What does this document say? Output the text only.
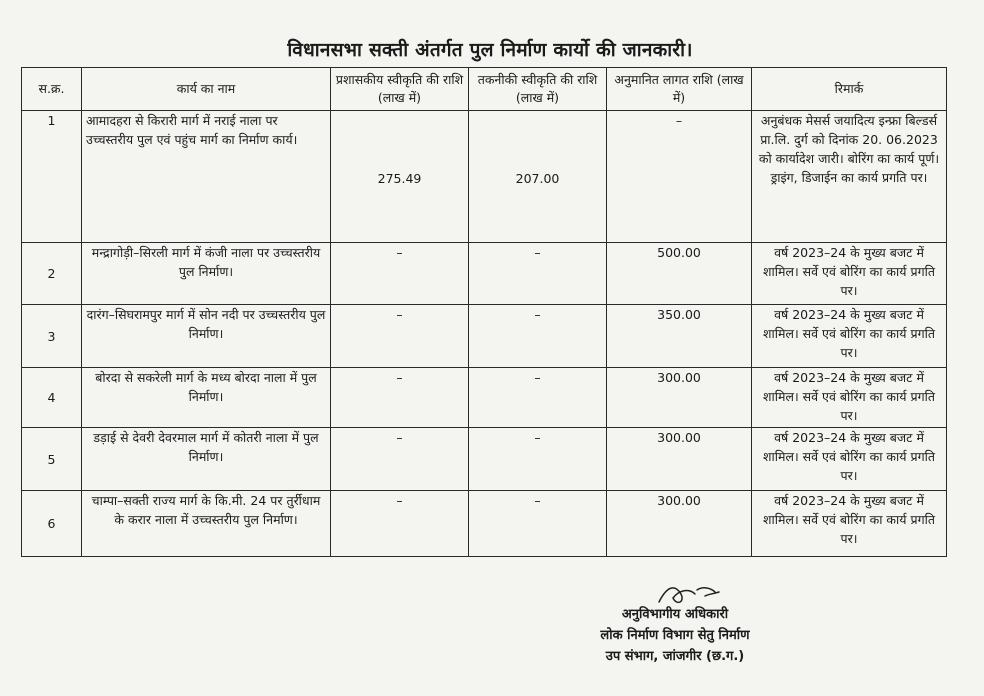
विधानसभा सक्ती अंतर्गत पुल निर्माण कार्यो की जानकारी।
स.क्र.	कार्य का नाम	प्रशासकीय स्वीकृति की राशि (लाख में)	तकनीकी स्वीकृति की राशि (लाख में)	अनुमानित लागत राशि (लाख में)	रिमार्क
1	आमादहरा से किरारी मार्ग में नराई नाला पर उच्चस्तरीय पुल एवं पहुंच मार्ग का निर्माण कार्य।	275.49	207.00	–	अनुबंधक मेसर्स जयादित्य इन्फ्रा बिल्डर्स प्रा.लि. दुर्ग को दिनांक 20. 06.2023 को कार्यादेश जारी। बोरिंग का कार्य पूर्ण। ड्राइंग, डिजाईन का कार्य प्रगति पर।
2	मन्द्रागोड़ी–सिरली मार्ग में कंजी नाला पर उच्चस्तरीय पुल निर्माण।	–	–	500.00	वर्ष 2023–24 के मुख्य बजट में शामिल। सर्वे एवं बोरिंग का कार्य प्रगति पर।
3	दारंग–सिघरामपुर मार्ग में सोन नदी पर उच्चस्तरीय पुल निर्माण।	–	–	350.00	वर्ष 2023–24 के मुख्य बजट में शामिल। सर्वे एवं बोरिंग का कार्य प्रगति पर।
4	बोरदा से सकरेली मार्ग के मध्य बोरदा नाला में पुल निर्माण।	–	–	300.00	वर्ष 2023–24 के मुख्य बजट में शामिल। सर्वे एवं बोरिंग का कार्य प्रगति पर।
5	डड़ाई से देवरी देवरमाल मार्ग में कोतरी नाला में पुल निर्माण।	–	–	300.00	वर्ष 2023–24 के मुख्य बजट में शामिल। सर्वे एवं बोरिंग का कार्य प्रगति पर।
6	चाम्पा–सक्ती राज्य मार्ग के कि.मी. 24 पर तुर्रीधाम के करार नाला में उच्चस्तरीय पुल निर्माण।	–	–	300.00	वर्ष 2023–24 के मुख्य बजट में शामिल। सर्वे एवं बोरिंग का कार्य प्रगति पर।
अनुविभागीय अधिकारी
लोक निर्माण विभाग सेतु निर्माण
उप संभाग, जांजगीर (छ.ग.)
